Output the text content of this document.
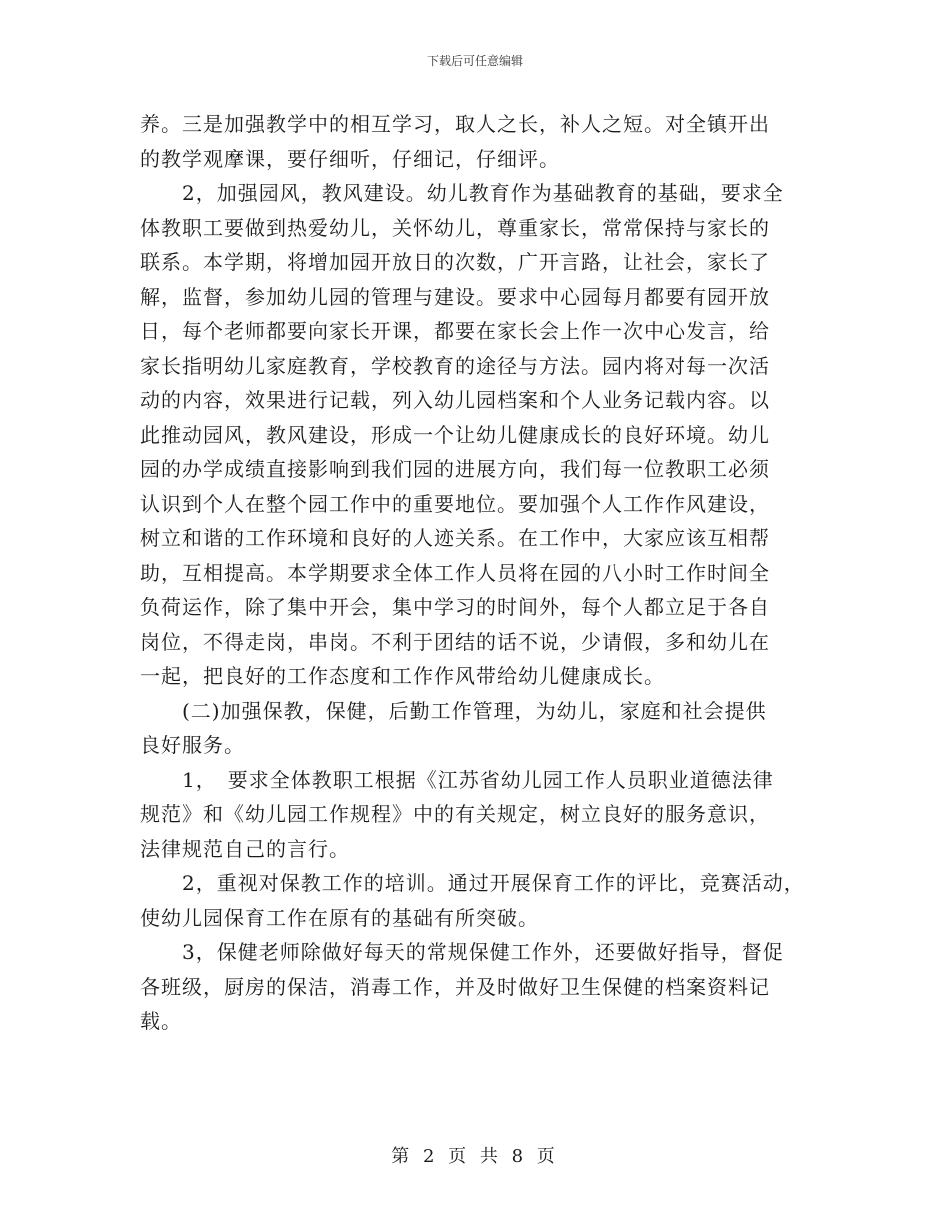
下载后可任意编辑
养。三是加强教学中的相互学习，取人之长，补人之短。对全镇开出
的教学观摩课，要仔细听，仔细记，仔细评。
　　2，加强园风，教风建设。幼儿教育作为基础教育的基础，要求全
体教职工要做到热爱幼儿，关怀幼儿，尊重家长，常常保持与家长的
联系。本学期，将增加园开放日的次数，广开言路，让社会，家长了
解，监督，参加幼儿园的管理与建设。要求中心园每月都要有园开放
日，每个老师都要向家长开课，都要在家长会上作一次中心发言，给
家长指明幼儿家庭教育，学校教育的途径与方法。园内将对每一次活
动的内容，效果进行记载，列入幼儿园档案和个人业务记载内容。以
此推动园风，教风建设，形成一个让幼儿健康成长的良好环境。幼儿
园的办学成绩直接影响到我们园的进展方向，我们每一位教职工必须
认识到个人在整个园工作中的重要地位。要加强个人工作作风建设，
树立和谐的工作环境和良好的人迹关系。在工作中，大家应该互相帮
助，互相提高。本学期要求全体工作人员将在园的八小时工作时间全
负荷运作，除了集中开会，集中学习的时间外，每个人都立足于各自
岗位，不得走岗，串岗。不利于团结的话不说，少请假，多和幼儿在
一起，把良好的工作态度和工作作风带给幼儿健康成长。
　　(二)加强保教，保健，后勤工作管理，为幼儿，家庭和社会提供
良好服务。
　　1，　要求全体教职工根据《江苏省幼儿园工作人员职业道德法律
规范》和《幼儿园工作规程》中的有关规定，树立良好的服务意识，
法律规范自己的言行。
　　2，重视对保教工作的培训。通过开展保育工作的评比，竞赛活动，
使幼儿园保育工作在原有的基础有所突破。
　　3，保健老师除做好每天的常规保健工作外，还要做好指导，督促
各班级，厨房的保洁，消毒工作，并及时做好卫生保健的档案资料记
载。
第 2 页 共 8 页
